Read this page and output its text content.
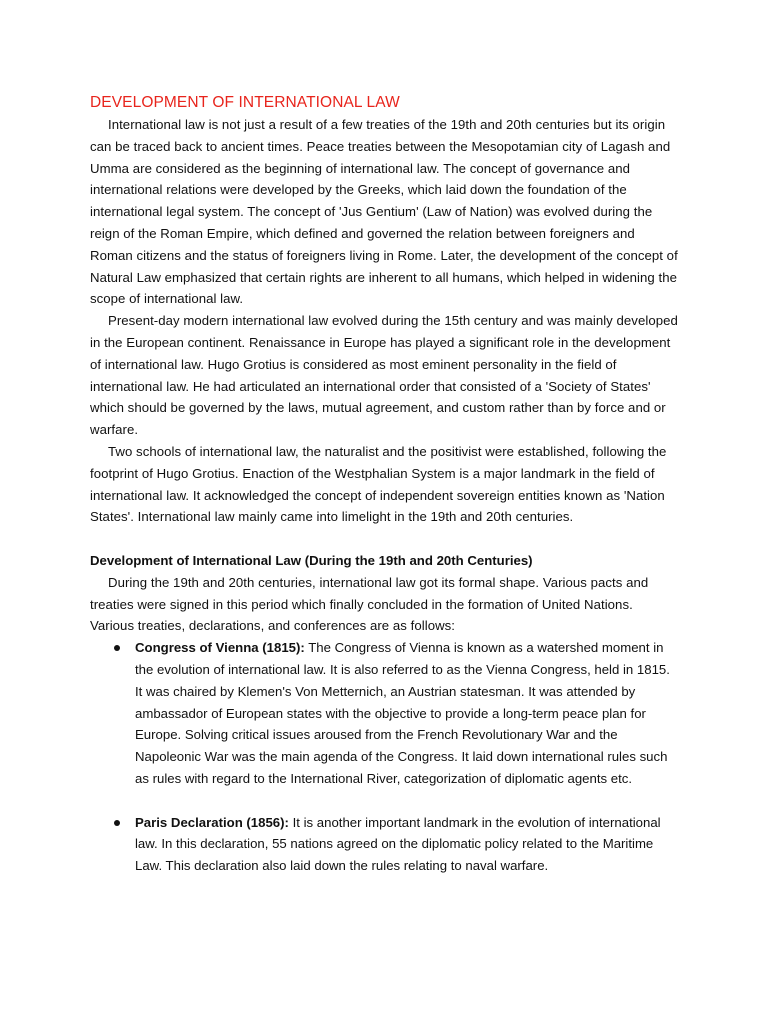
DEVELOPMENT OF INTERNATIONAL LAW

International law is not just a result of a few treaties of the 19th and 20th centuries but its origin can be traced back to ancient times. Peace treaties between the Mesopotamian city of Lagash and Umma are considered as the beginning of international law. The concept of governance and international relations were developed by the Greeks, which laid down the foundation of the international legal system. The concept of 'Jus Gentium' (Law of Nation) was evolved during the reign of the Roman Empire, which defined and governed the relation between foreigners and Roman citizens and the status of foreigners living in Rome. Later, the development of the concept of Natural Law emphasized that certain rights are inherent to all humans, which helped in widening the scope of international law.

Present-day modern international law evolved during the 15th century and was mainly developed in the European continent. Renaissance in Europe has played a significant role in the development of international law. Hugo Grotius is considered as most eminent personality in the field of international law. He had articulated an international order that consisted of a 'Society of States' which should be governed by the laws, mutual agreement, and custom rather than by force and or warfare.

Two schools of international law, the naturalist and the positivist were established, following the footprint of Hugo Grotius. Enaction of the Westphalian System is a major landmark in the field of international law. It acknowledged the concept of independent sovereign entities known as 'Nation States'. International law mainly came into limelight in the 19th and 20th centuries.

Development of International Law (During the 19th and 20th Centuries)

During the 19th and 20th centuries, international law got its formal shape. Various pacts and treaties were signed in this period which finally concluded in the formation of United Nations. Various treaties, declarations, and conferences are as follows:

Congress of Vienna (1815): The Congress of Vienna is known as a watershed moment in the evolution of international law. It is also referred to as the Vienna Congress, held in 1815. It was chaired by Klemen's Von Metternich, an Austrian statesman. It was attended by ambassador of European states with the objective to provide a long-term peace plan for Europe. Solving critical issues aroused from the French Revolutionary War and the Napoleonic War was the main agenda of the Congress. It laid down international rules such as rules with regard to the International River, categorization of diplomatic agents etc.
Paris Declaration (1856): It is another important landmark in the evolution of international law. In this declaration, 55 nations agreed on the diplomatic policy related to the Maritime Law. This declaration also laid down the rules relating to naval warfare.
